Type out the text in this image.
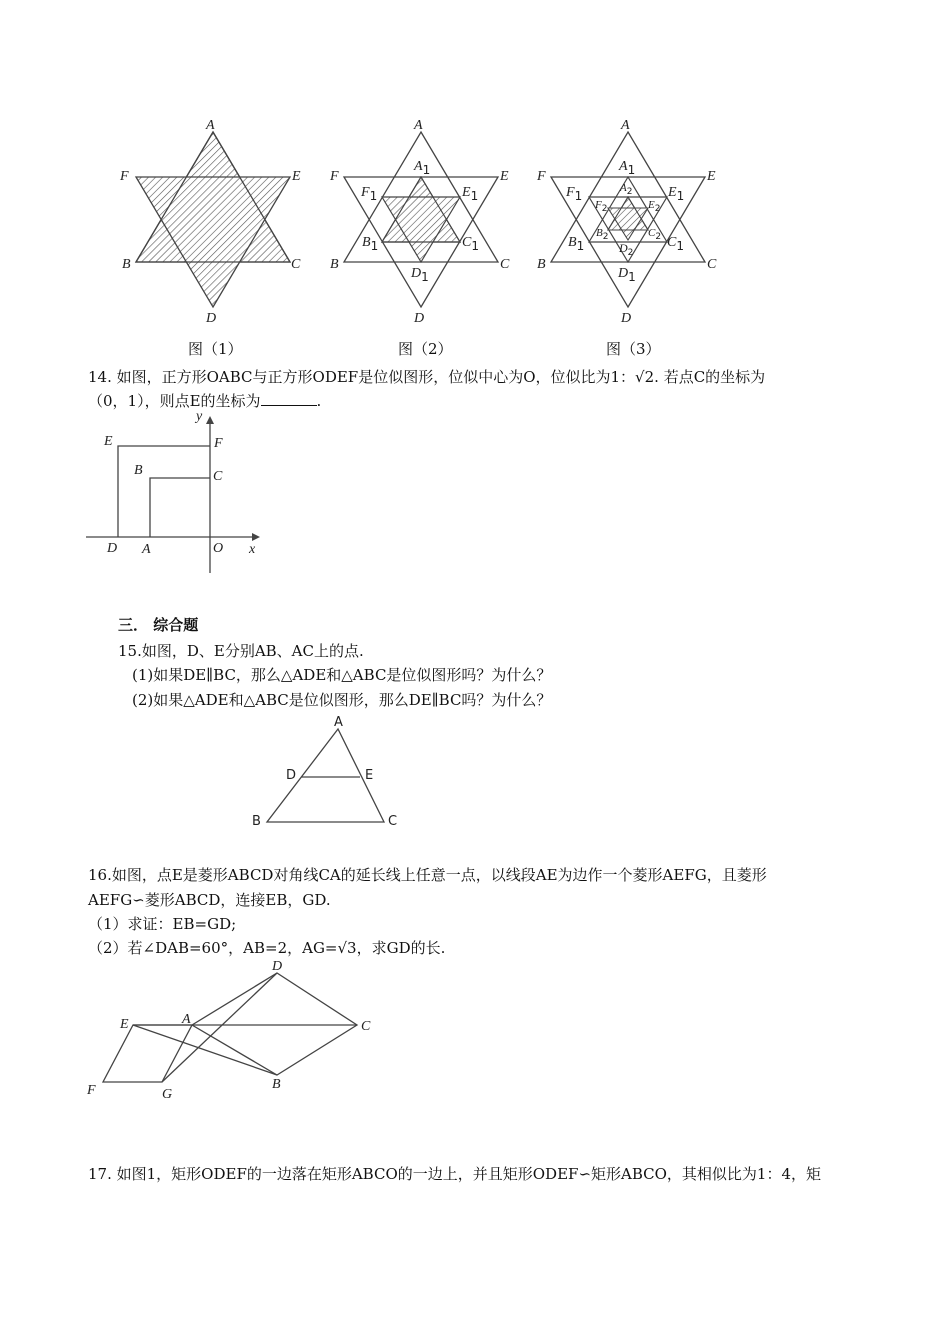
A
F	E
B	C
D
A
A1
F
F1
E
E1
B
B1
C
C1
D1
D
A
A1
$A_2$
F
F1
$F_2$
E
E1
$E_2$
B
B1
$B_2$
C
C1
$C_2$
$D_2$
D1
D
图（1）	图（2）	图（3）
14. 如图，正方形OABC与正方形ODEF是位似图形，位似中心为O，位似比为1：√2. 若点C的坐标为
（0，1），则点E的坐标为	.
y
E	F
B	C
D A	O x
三． 综合题
15.如图，D、E分别AB、AC上的点.
(1)如果DE∥BC，那么△ADE和△ABC是位似图形吗？为什么？
(2)如果△ADE和△ABC是位似图形，那么DE∥BC吗？为什么？
A
D	E
B	C
16.如图，点E是菱形ABCD对角线CA的延长线上任意一点，以线段AE为边作一个菱形AEFG，且菱形
AEFG∽菱形ABCD，连接EB，GD.
（1）求证：EB=GD;
（2）若∠DAB=60°，AB=2，AG=√3，求GD的长.
D
E	A	C
F	G
B
17. 如图1，矩形ODEF的一边落在矩形ABCO的一边上，并且矩形ODEF∽矩形ABCO，其相似比为1：4，矩
